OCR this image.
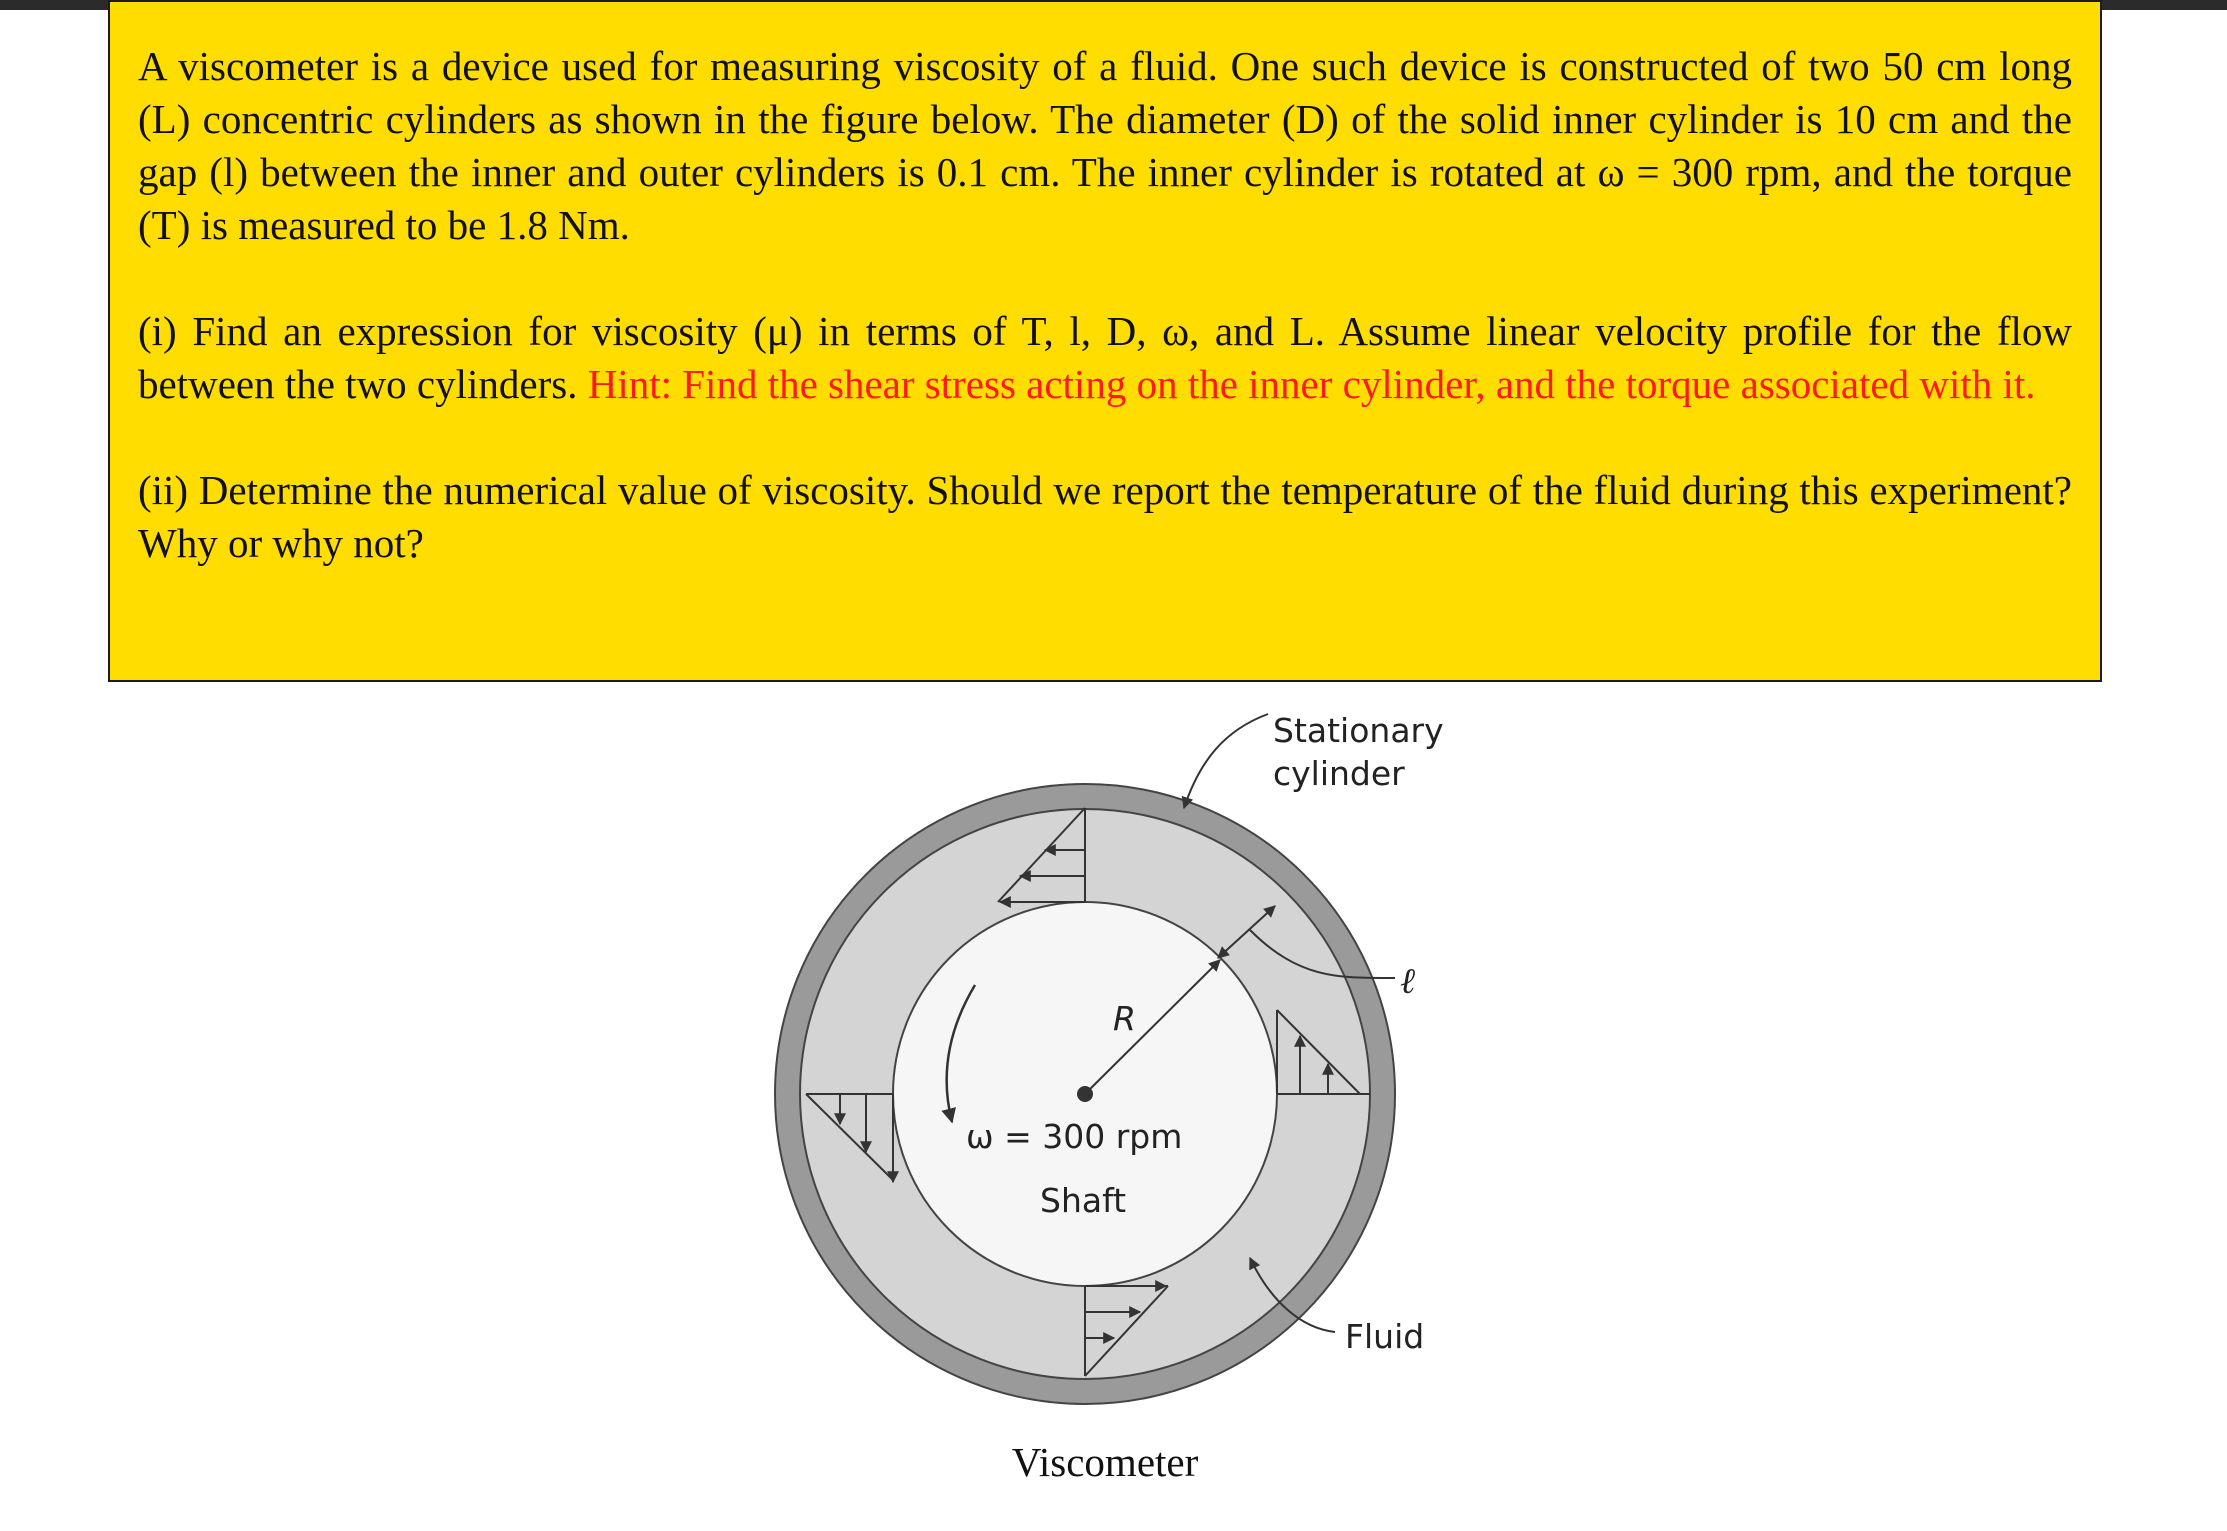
A viscometer is a device used for measuring viscosity of a fluid. One such device is constructed of two 50 cm long (L) concentric cylinders as shown in the figure below. The diameter (D) of the solid inner cylinder is 10 cm and the gap (l) between the inner and outer cylinders is 0.1 cm. The inner cylinder is rotated at ω = 300 rpm, and the torque (T) is measured to be 1.8 Nm.

(i) Find an expression for viscosity (μ) in terms of T, l, D, ω, and L. Assume linear velocity profile for the flow between the two cylinders. Hint: Find the shear stress acting on the inner cylinder, and the torque associated with it.

(ii) Determine the numerical value of viscosity. Should we report the temperature of the fluid during this experiment? Why or why not?

Stationary
cylinder
ℓ
R
ω = 300 rpm
Shaft
Fluid
Viscometer
